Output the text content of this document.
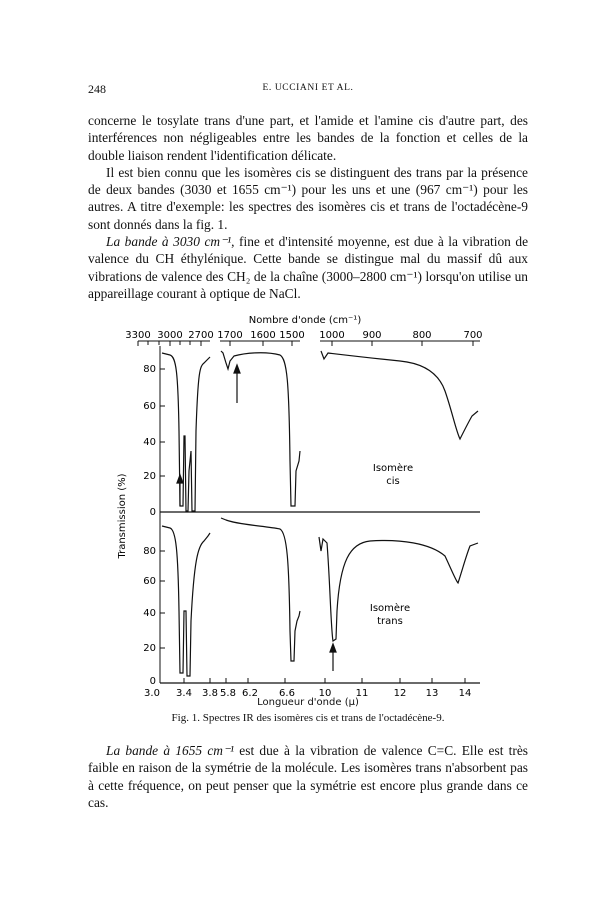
248	E. UCCIANI ET AL.

concerne le tosylate trans d'une part, et l'amide et l'amine cis d'autre part, des interférences non négligeables entre les bandes de la fonction et celles de la double liaison rendent l'identification délicate.

Il est bien connu que les isomères cis se distinguent des trans par la présence de deux bandes (3030 et 1655 cm⁻¹) pour les uns et une (967 cm⁻¹) pour les autres. A titre d'exemple: les spectres des isomères cis et trans de l'octadécène-9 sont donnés dans la fig. 1.

La bande à 3030 cm⁻¹, fine et d'intensité moyenne, est due à la vibration de valence du CH éthylénique. Cette bande se distingue mal du massif dû aux vibrations de valence des CH₂ de la chaîne (3000–2800 cm⁻¹) lorsqu'on utilise un appareillage courant à optique de NaCl.

Nombre d'onde (cm⁻¹)
3300 3000 2700 1700 1600 1500 1000 900	800	700
80
60
40
20
0
80
60
40
20
0
Transmission (%)
Isomère
cis
Isomère
trans
3.0 3.4 3.8 5.8 6.2 6.6 10 11	12 13 14
Longueur d'onde (µ)
Fig. 1. Spectres IR des isomères cis et trans de l'octadécène-9.

La bande à 1655 cm⁻¹ est due à la vibration de valence C=C. Elle est très faible en raison de la symétrie de la molécule. Les isomères trans n'absorbent pas à cette fréquence, on peut penser que la symétrie est encore plus grande dans ce cas.
